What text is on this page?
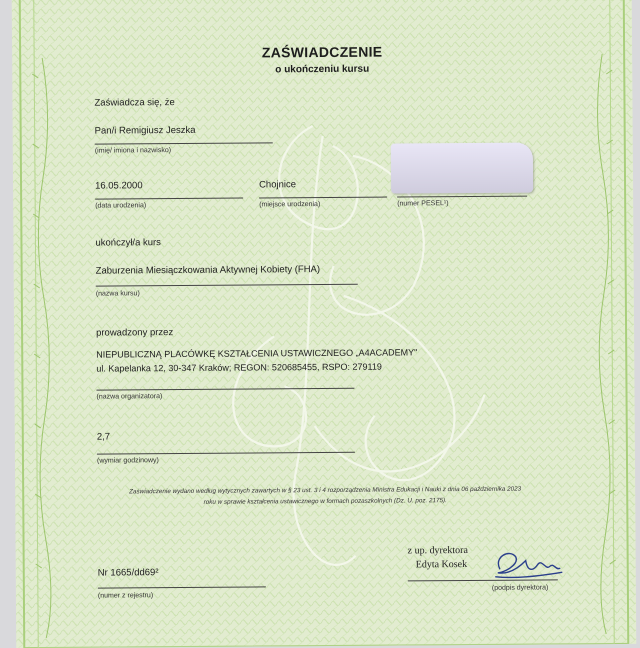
ZAŚWIADCZENIE
o ukończeniu kursu
Zaświadcza się, że
Pan/i Remigiusz Jeszka
(imię/ imiona i nazwisko)
16.05.2000
(data urodzenia)
Chojnice
(miejsce urodzenia)	(numer PESEL¹)
ukończył/a kurs
Zaburzenia Miesiączkowania Aktywnej Kobiety (FHA)
(nazwa kursu)
prowadzony przez
NIEPUBLICZNĄ PLACÓWKĘ KSZTAŁCENIA USTAWICZNEGO „A4ACADEMY"
ul. Kapelanka 12, 30-347 Kraków; REGON: 520685455, RSPO: 279119
(nazwa organizatora)
2,7
(wymiar godzinowy)
Zaświadczenie wydano według wytycznych zawartych w § 23 ust. 3 i 4 rozporządzenia Ministra Edukacji i Nauki z dnia 06 października 2023
roku w sprawie kształcenia ustawicznego w formach pozaszkolnych (Dz. U. poz. 2175).
z up. dyrektora
Edyta Kosek
(podpis dyrektora)
Nr 1665/dd69²
(numer z rejestru)
